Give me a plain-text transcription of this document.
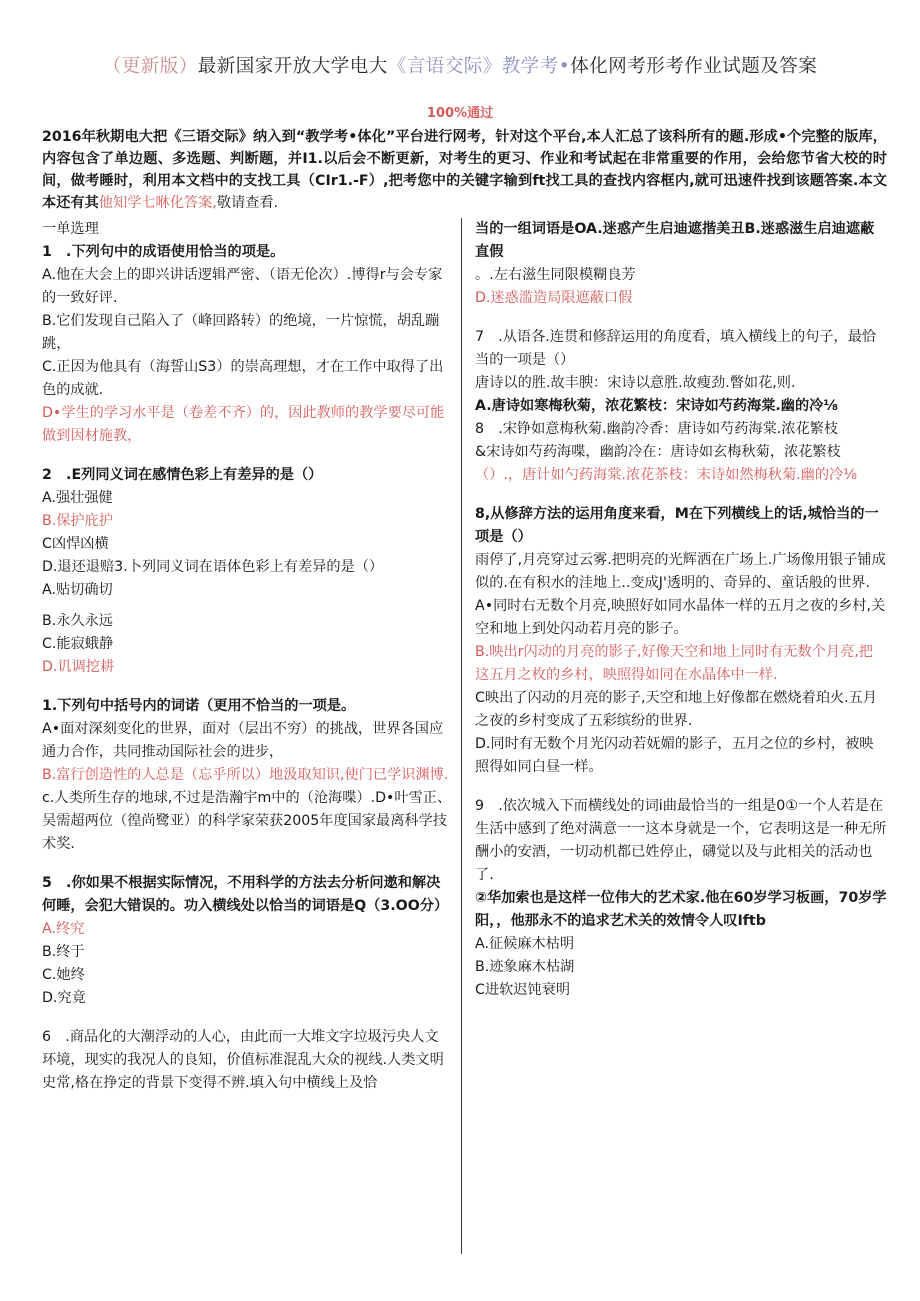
（更新版）最新国家开放大学电大《言语交际》教学考•体化网考形考作业试题及答案
100%通过
2016年秋期电大把《三语交际》纳入到“教学考•体化”平台进行网考，针对这个平台,本人汇总了该科所有的题.形成•个完整的版库，内容包含了单边题、多选题、判断题，并I1.以后会不断更新，对考生的更习、作业和考试起在非常重要的作用，会给您节省大校的时间，做考睡时，利用本文档中的支找工具（CIr1.-F）,把考您中的关键字输到ft找工具的查找内容框内,就可迅速件找到该题答案.本文本还有其他知学七咻化答案,敬请查看.

一单选理

1　.下列句中的成语使用恰当的项是。

A.他在大会上的即兴讲话逻辑严密、（语无伦次）.博得r与会专家的一致好评.

B.它们发现自己陷入了（峰回路转）的绝境，一片惊慌，胡乱蹦跳，

C.正因为他具有（海誓山S3）的崇高理想，才在工作中取得了出色的成就.

D•学生的学习水平是（卷差不齐）的，因此教师的教学要尽可能做到因材施教，

2　.E列同义词在感情色彩上有差异的是（）

A.强壮强健

B.保护庇护

C凶悍凶横

D.退还退赔3.卜列同义词在语体色彩上有差异的是（）

A.贴切确切

B.永久永远

C.能寂蛾静

D.讥调挖耕

1.下列句中括号内的词诺（更用不恰当的一项是。

A•面对深刻变化的世界，面对（层出不穷）的挑战，世界各国应通力合作，共同推动国际社会的进步，

B.富行创造性的人总是（忘乎所以）地汲取知识,使门已学识渊博.

c.人类所生存的地球,不过是浩瀚宇m中的（沧海喋）.D•叶雪正、吴需超两位（徨尚鹭亚）的科学家荣获2005年度国家最离科学技术奖.

5　.你如果不根据实际情况，不用科学的方法去分析问遨和解决何睡，会犯大错误的。功入横线处以恰当的词语是Q（3.OO分）

A.终究

B.终于

C.她终

D.究竟

6　.商品化的大潮浮动的人心，由此而一大堆文字垃圾污央人文环境，现实的我况人的良知，价值标准混乱大众的视线.人类文明史常,格在挣定的背景下变得不辨.填入句中横线上及恰

当的一组词语是OA.迷惑产生启迪遮揩美丑B.迷惑滋生启迪遮蔽直假

。.左右滋生同限模糊良芳

D.迷惑滥造局限遮蔽口假

7　.从语各.连贯和修辞运用的角度看，填入横线上的句子，最恰当的一项是（）

唐诗以的胜.故丰腴：宋诗以意胜.故瘦劲.瞥如花,则.

A.唐诗如寒梅秋菊，浓花繁枝：宋诗如芍药海棠.幽的冷⅛

8　.宋铮如意梅秋菊.幽韵冷香：唐诗如芍药海棠.浓花繁枝

&宋诗如芍药海喋，幽韵冷在：唐诗如玄梅秋菊，浓花繁枝

（）.，唐计如勺药海棠.浓花茶枝：末诗如然梅秋菊.幽的冷⅛

8,从修辞方法的运用角度来看，M在下列横线上的话,城恰当的一项是（）

雨停了,月亮穿过云雾.把明亮的光辉洒在广场上.广场像用银子铺成似的.在有积水的洼地上..变成J'透明的、奇异的、童话般的世界.

A•同时右无数个月亮,映照好如同水晶体一样的五月之夜的乡村,关空和地上到处闪动若月亮的影子。

B.映出r闪动的月亮的影子,好像天空和地上同时有无数个月亮,把这五月之枚的乡村，映照得如同在水晶体中一样.

C映出了闪动的月亮的影子,天空和地上好像都在燃烧着珀火.五月之夜的乡村变成了五彩缤纷的世界.

D.同时有无数个月光闪动若妩媚的影子，五月之位的乡村，被映照得如同白昼一样。

9　.依次城入下而横线处的词i曲最恰当的一组是0①一个人若是在生活中感到了绝对满意一一这本身就是一个，它表明这是一种无所酬小的安酒，一切动机都已姓停止，礴觉以及与此相关的活动也了.

②华加索也是这样一位伟大的艺术家.他在60岁学习板画，70岁学阳，，他那永不的追求艺术关的效情令人叹Iftb

A.征候麻木枯明

B.迹象麻木枯湖

C进软迟饨衰明
